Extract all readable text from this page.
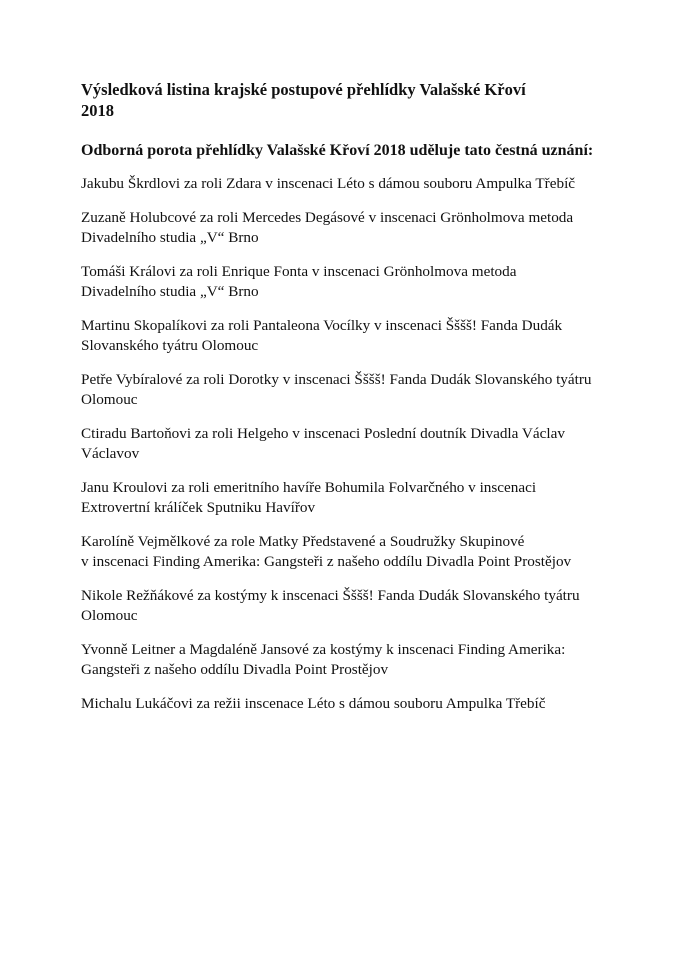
Výsledková listina krajské postupové přehlídky Valašské Křoví
2018

Odborná porota přehlídky Valašské Křoví 2018 uděluje tato čestná uznání:

Jakubu Škrdlovi za roli Zdara v inscenaci Léto s dámou souboru Ampulka Třebíč

Zuzaně Holubcové za roli Mercedes Degásové v inscenaci Grönholmova metoda
Divadelního studia „V“ Brno

Tomáši Královi za roli Enrique Fonta v inscenaci Grönholmova metoda
Divadelního studia „V“ Brno

Martinu Skopalíkovi za roli Pantaleona Vocílky v inscenaci Šššš! Fanda Dudák
Slovanského tyátru Olomouc

Petře Vybíralové za roli Dorotky v inscenaci Šššš! Fanda Dudák Slovanského tyátru
Olomouc

Ctiradu Bartoňovi za roli Helgeho v inscenaci Poslední doutník Divadla Václav
Václavov

Janu Kroulovi za roli emeritního havíře Bohumila Folvarčného v inscenaci
Extrovertní králíček Sputniku Havířov

Karolíně Vejmělkové za role Matky Představené a Soudružky Skupinové
v inscenaci Finding Amerika: Gangsteři z našeho oddílu Divadla Point Prostějov

Nikole Režňákové za kostýmy k inscenaci Šššš! Fanda Dudák Slovanského tyátru
Olomouc

Yvonně Leitner a Magdaléně Jansové za kostýmy k inscenaci Finding Amerika:
Gangsteři z našeho oddílu Divadla Point Prostějov

Michalu Lukáčovi za režii inscenace Léto s dámou souboru Ampulka Třebíč
